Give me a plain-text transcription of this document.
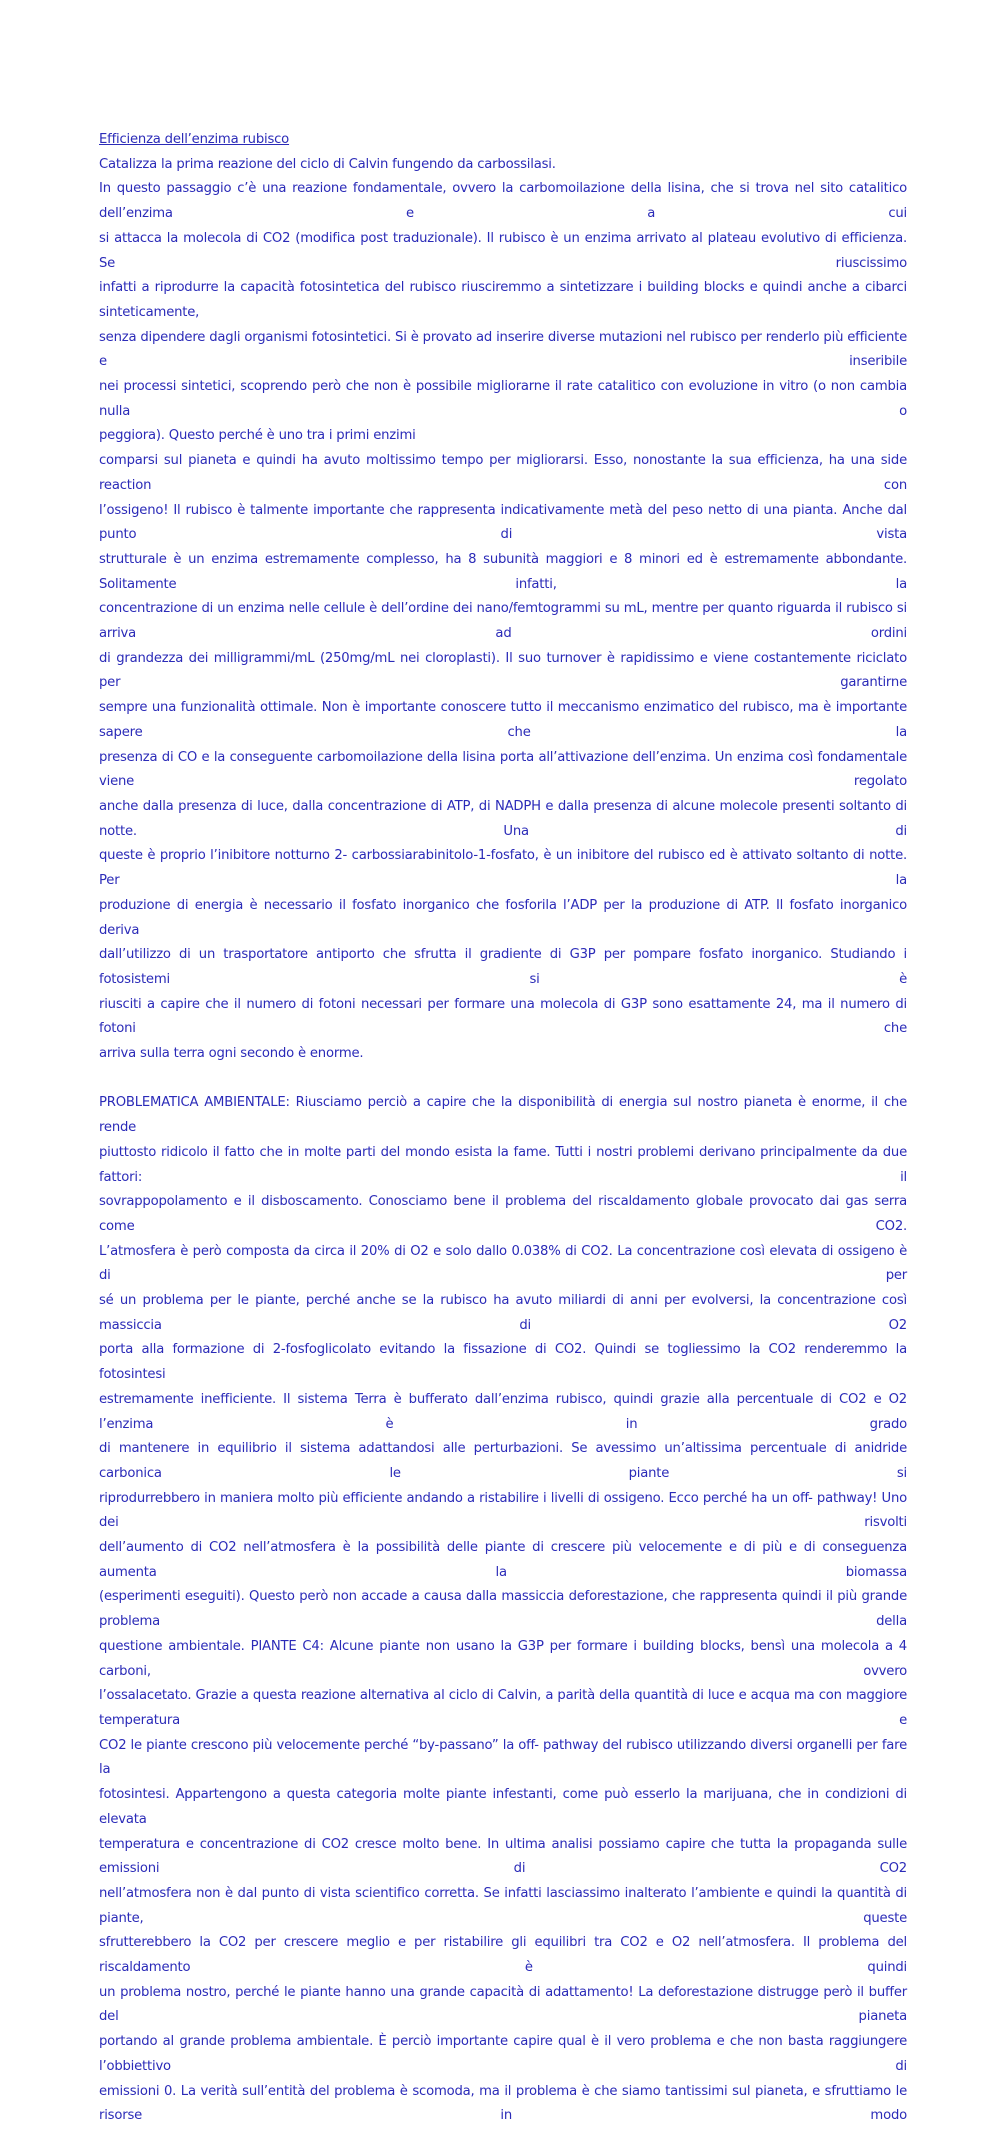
Efficienza dell’enzima rubisco
Catalizza la prima reazione del ciclo di Calvin fungendo da carbossilasi.
In questo passaggio c’è una reazione fondamentale, ovvero la carbomoilazione della lisina, che si trova nel sito catalitico dell’enzima e a cui
si attacca la molecola di CO2 (modifica post traduzionale). Il rubisco è un enzima arrivato al plateau evolutivo di efficienza. Se riuscissimo
infatti a riprodurre la capacità fotosintetica del rubisco riusciremmo a sintetizzare i building blocks e quindi anche a cibarci sinteticamente,
senza dipendere dagli organismi fotosintetici. Si è provato ad inserire diverse mutazioni nel rubisco per renderlo più efficiente e inseribile
nei processi sintetici, scoprendo però che non è possibile migliorarne il rate catalitico con evoluzione in vitro (o non cambia nulla o
peggiora). Questo perché è uno tra i primi enzimi
comparsi sul pianeta e quindi ha avuto moltissimo tempo per migliorarsi. Esso, nonostante la sua efficienza, ha una side reaction con
l’ossigeno! Il rubisco è talmente importante che rappresenta indicativamente metà del peso netto di una pianta. Anche dal punto di vista
strutturale è un enzima estremamente complesso, ha 8 subunità maggiori e 8 minori ed è estremamente abbondante. Solitamente infatti, la
concentrazione di un enzima nelle cellule è dell’ordine dei nano/femtogrammi su mL, mentre per quanto riguarda il rubisco si arriva ad ordini
di grandezza dei milligrammi/mL (250mg/mL nei cloroplasti). Il suo turnover è rapidissimo e viene costantemente riciclato per garantirne
sempre una funzionalità ottimale. Non è importante conoscere tutto il meccanismo enzimatico del rubisco, ma è importante sapere che la
presenza di CO e la conseguente carbomoilazione della lisina porta all’attivazione dell’enzima. Un enzima così fondamentale viene regolato
anche dalla presenza di luce, dalla concentrazione di ATP, di NADPH e dalla presenza di alcune molecole presenti soltanto di notte. Una di
queste è proprio l’inibitore notturno 2- carbossiarabinitolo-1-fosfato, è un inibitore del rubisco ed è attivato soltanto di notte. Per la
produzione di energia è necessario il fosfato inorganico che fosforila l’ADP per la produzione di ATP. Il fosfato inorganico deriva
dall’utilizzo di un trasportatore antiporto che sfrutta il gradiente di G3P per pompare fosfato inorganico. Studiando i fotosistemi si è
riusciti a capire che il numero di fotoni necessari per formare una molecola di G3P sono esattamente 24, ma il numero di fotoni che
arriva sulla terra ogni secondo è enorme.
PROBLEMATICA AMBIENTALE: Riusciamo perciò a capire che la disponibilità di energia sul nostro pianeta è enorme, il che rende
piuttosto ridicolo il fatto che in molte parti del mondo esista la fame. Tutti i nostri problemi derivano principalmente da due fattori: il
sovrappopolamento e il disboscamento. Conosciamo bene il problema del riscaldamento globale provocato dai gas serra come CO2.
L’atmosfera è però composta da circa il 20% di O2 e solo dallo 0.038% di CO2. La concentrazione così elevata di ossigeno è di per
sé un problema per le piante, perché anche se la rubisco ha avuto miliardi di anni per evolversi, la concentrazione così massiccia di O2
porta alla formazione di 2-fosfoglicolato evitando la fissazione di CO2. Quindi se togliessimo la CO2 renderemmo la fotosintesi
estremamente inefficiente. Il sistema Terra è bufferato dall’enzima rubisco, quindi grazie alla percentuale di CO2 e O2 l’enzima è in grado
di mantenere in equilibrio il sistema adattandosi alle perturbazioni. Se avessimo un’altissima percentuale di anidride carbonica le piante si
riprodurrebbero in maniera molto più efficiente andando a ristabilire i livelli di ossigeno. Ecco perché ha un off- pathway! Uno dei risvolti
dell’aumento di CO2 nell’atmosfera è la possibilità delle piante di crescere più velocemente e di più e di conseguenza aumenta la biomassa
(esperimenti eseguiti). Questo però non accade a causa dalla massiccia deforestazione, che rappresenta quindi il più grande problema della
questione ambientale. PIANTE C4: Alcune piante non usano la G3P per formare i building blocks, bensì una molecola a 4 carboni, ovvero
l’ossalacetato. Grazie a questa reazione alternativa al ciclo di Calvin, a parità della quantità di luce e acqua ma con maggiore temperatura e
CO2 le piante crescono più velocemente perché “by-passano” la off- pathway del rubisco utilizzando diversi organelli per fare la
fotosintesi. Appartengono a questa categoria molte piante infestanti, come può esserlo la marijuana, che in condizioni di elevata
temperatura e concentrazione di CO2 cresce molto bene. In ultima analisi possiamo capire che tutta la propaganda sulle emissioni di CO2
nell’atmosfera non è dal punto di vista scientifico corretta. Se infatti lasciassimo inalterato l’ambiente e quindi la quantità di piante, queste
sfrutterebbero la CO2 per crescere meglio e per ristabilire gli equilibri tra CO2 e O2 nell’atmosfera. Il problema del riscaldamento è quindi
un problema nostro, perché le piante hanno una grande capacità di adattamento! La deforestazione distrugge però il buffer del pianeta
portando al grande problema ambientale. È perciò importante capire qual è il vero problema e che non basta raggiungere l’obbiettivo di
emissioni 0. La verità sull’entità del problema è scomoda, ma il problema è che siamo tantissimi sul pianeta, e sfruttiamo le risorse in modo
